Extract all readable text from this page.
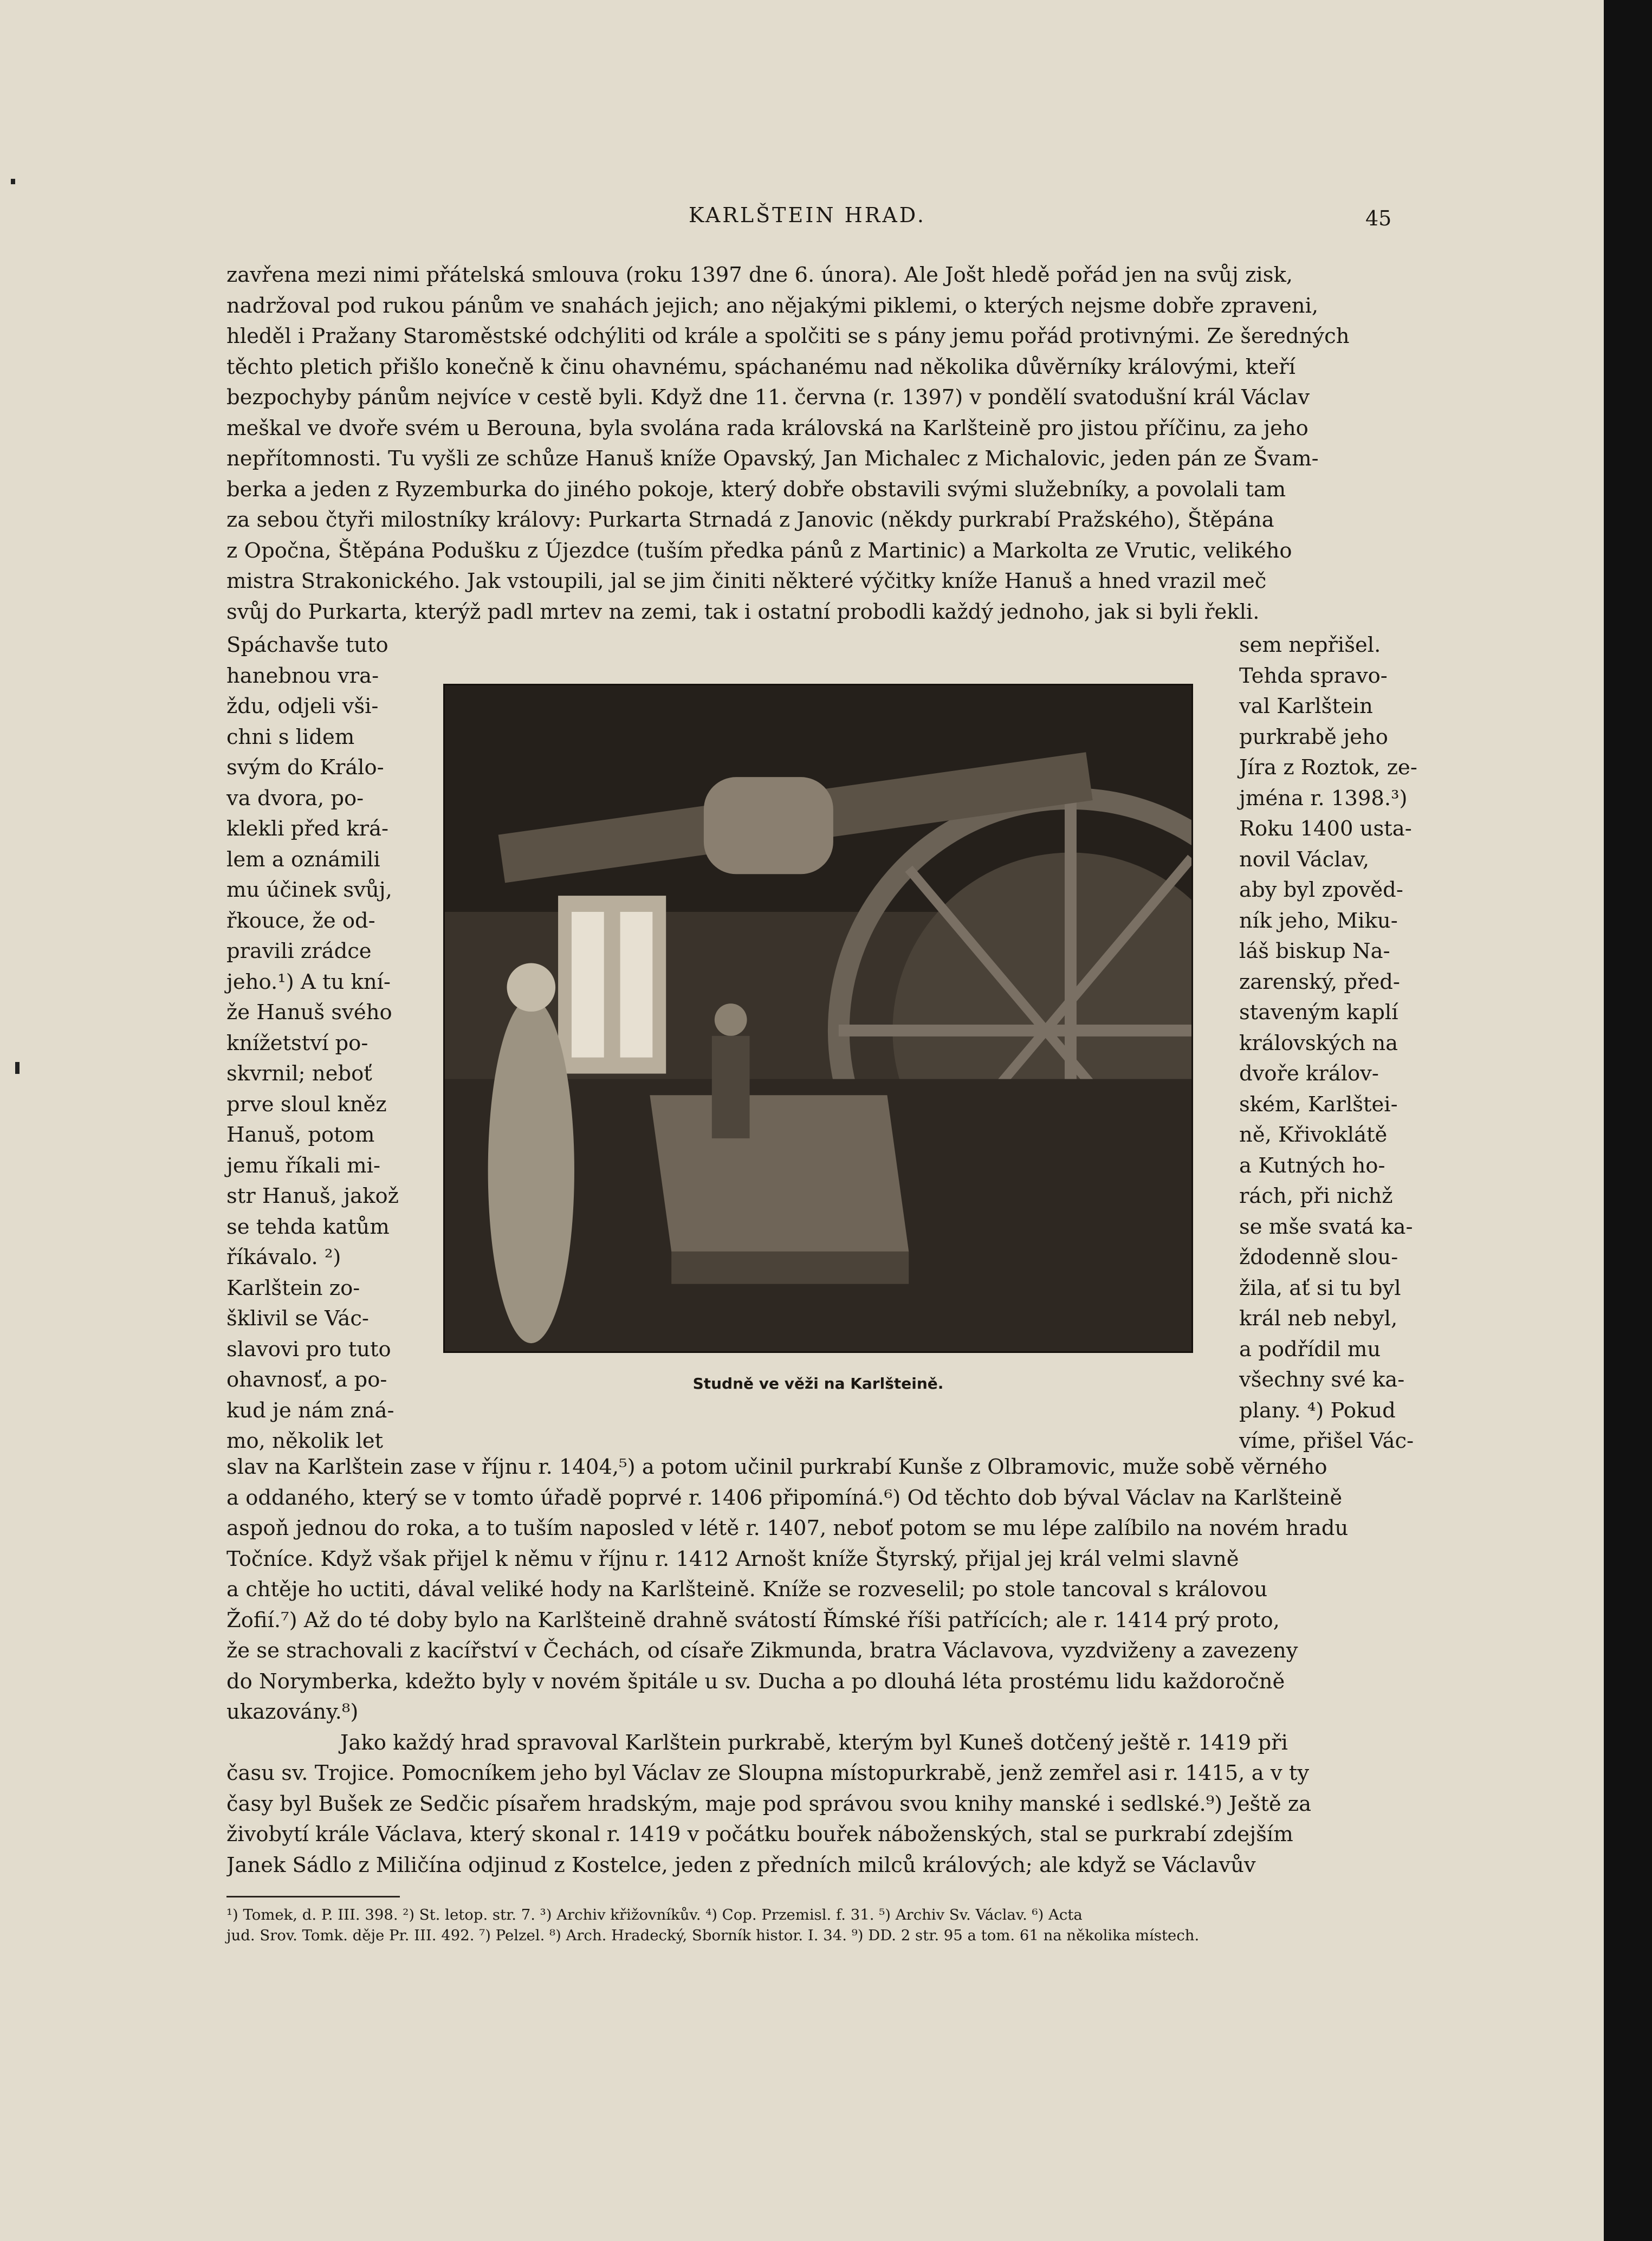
KARLŠTEIN HRAD.	45
zavřena mezi nimi přátelská smlouva (roku 1397 dne 6. února). Ale Jošt hledě pořád jen na svůj zisk,
nadržoval pod rukou pánům ve snahách jejich; ano nějakými piklemi, o kterých nejsme dobře zpraveni,
hleděl i Pražany Staroměstské odchýliti od krále a spolčiti se s pány jemu pořád protivnými. Ze šeredných
těchto pletich přišlo konečně k činu ohavnému, spáchanému nad několika důvěrníky královými, kteří
bezpochyby pánům nejvíce v cestě byli. Když dne 11. června (r. 1397) v pondělí svatodušní král Václav
meškal ve dvoře svém u Berouna, byla svolána rada královská na Karlšteině pro jistou příčinu, za jeho
nepřítomnosti. Tu vyšli ze schůze Hanuš kníže Opavský, Jan Michalec z Michalovic, jeden pán ze Švam-
berka a jeden z Ryzemburka do jiného pokoje, který dobře obstavili svými služebníky, a povolali tam
za sebou čtyři milostníky královy: Purkarta Strnadá z Janovic (někdy purkrabí Pražského), Štěpána
z Opočna, Štěpána Podušku z Újezdce (tuším předka pánů z Martinic) a Markolta ze Vrutic, velikého
mistra Strakonického. Jak vstoupili, jal se jim činiti některé výčitky kníže Hanuš a hned vrazil meč
svůj do Purkarta, kterýž padl mrtev na zemi, tak i ostatní probodli každý jednoho, jak si byli řekli.
Spáchavše tuto
hanebnou vra-
ždu, odjeli vši-
chni s lidem
svým do Králo-
va dvora, po-
klekli před krá-
lem a oznámili
mu účinek svůj,
řkouce, že od-
pravili zrádce
jeho.¹) A tu kní-
že Hanuš svého
knížetství po-
skvrnil; neboť
prve sloul kněz
Hanuš, potom
jemu říkali mi-
str Hanuš, jakož
se tehda katům
říkávalo. ²)
Karlštein zo-
šklivil se Vác-
slavovi pro tuto
ohavnosť, a po-
kud je nám zná-
mo, několik let
Studně ve věži na Karlšteině.
sem nepřišel.
Tehda spravo-
val Karlštein
purkrabě jeho
Jíra z Roztok, ze-
jména r. 1398.³)
Roku 1400 usta-
novil Václav,
aby byl zpověd-
ník jeho, Miku-
láš biskup Na-
zarenský, před-
staveným kaplí
královských na
dvoře králov-
ském, Karlštei-
ně, Křivoklátě
a Kutných ho-
rách, při nichž
se mše svatá ka-
ždodenně slou-
žila, ať si tu byl
král neb nebyl,
a podřídil mu
všechny své ka-
plany. ⁴) Pokud
víme, přišel Vác-
slav na Karlštein zase v říjnu r. 1404,⁵) a potom učinil purkrabí Kunše z Olbramovic, muže sobě věrného
a oddaného, který se v tomto úřadě poprvé r. 1406 připomíná.⁶) Od těchto dob býval Václav na Karlšteině
aspoň jednou do roka, a to tuším naposled v létě r. 1407, neboť potom se mu lépe zalíbilo na novém hradu
Točníce. Když však přijel k němu v říjnu r. 1412 Arnošt kníže Štyrský, přijal jej král velmi slavně
a chtěje ho uctiti, dával veliké hody na Karlšteině. Kníže se rozveselil; po stole tancoval s královou
Žofií.⁷) Až do té doby bylo na Karlšteině drahně svátostí Římské říši patřících; ale r. 1414 prý proto,
že se strachovali z kacířství v Čechách, od císaře Zikmunda, bratra Václavova, vyzdviženy a zavezeny
do Norymberka, kdežto byly v novém špitále u sv. Ducha a po dlouhá léta prostému lidu každoročně
ukazovány.⁸)
Jako každý hrad spravoval Karlštein purkrabě, kterým byl Kuneš dotčený ještě r. 1419 při
času sv. Trojice. Pomocníkem jeho byl Václav ze Sloupna místopurkrabě, jenž zemřel asi r. 1415, a v ty
časy byl Bušek ze Sedčic písařem hradským, maje pod správou svou knihy manské i sedlské.⁹) Ještě za
živobytí krále Václava, který skonal r. 1419 v počátku bouřek náboženských, stal se purkrabí zdejším
Janek Sádlo z Miličína odjinud z Kostelce, jeden z předních milců králových; ale když se Václavův
¹) Tomek, d. P. III. 398. ²) St. letop. str. 7. ³) Archiv křižovníkův. ⁴) Cop. Przemisl. f. 31. ⁵) Archiv Sv. Václav. ⁶) Acta
jud. Srov. Tomk. děje Pr. III. 492. ⁷) Pelzel. ⁸) Arch. Hradecký, Sborník histor. I. 34. ⁹) DD. 2 str. 95 a tom. 61 na několika místech.
